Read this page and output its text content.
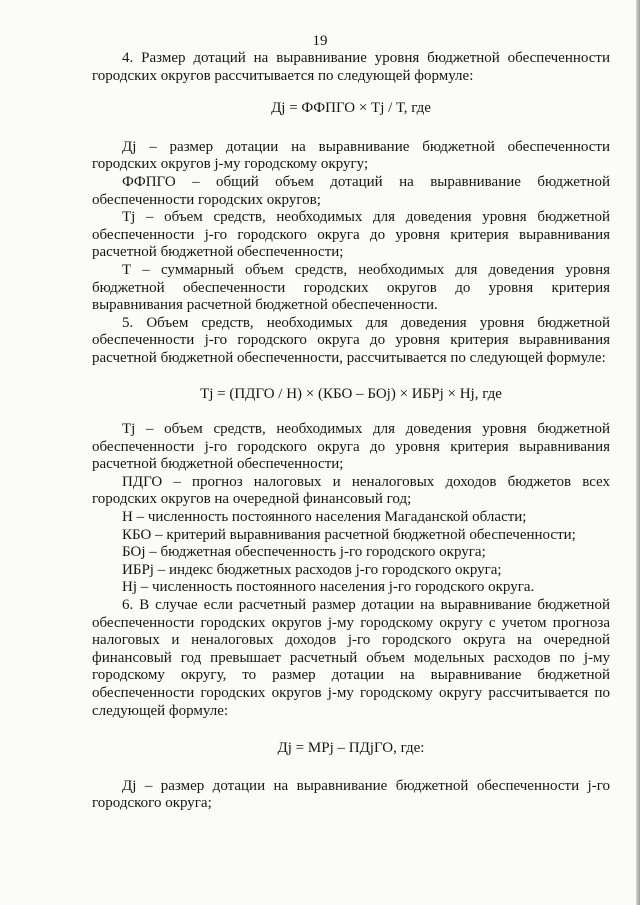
19

4. Размер дотаций на выравнивание уровня бюджетной обеспеченности городских округов рассчитывается по следующей формуле:

Дj = ФФПГО × Тj / Т, где

Дj – размер дотации на выравнивание бюджетной обеспеченности городских округов j-му городскому округу;

ФФПГО – общий объем дотаций на выравнивание бюджетной обеспеченности городских округов;

Тj – объем средств, необходимых для доведения уровня бюджетной обеспеченности j-го городского округа до уровня критерия выравнивания расчетной бюджетной обеспеченности;

Т – суммарный объем средств, необходимых для доведения уровня бюджетной обеспеченности городских округов до уровня критерия выравнивания расчетной бюджетной обеспеченности.

5. Объем средств, необходимых для доведения уровня бюджетной обеспеченности j-го городского округа до уровня критерия выравнивания расчетной бюджетной обеспеченности, рассчитывается по следующей формуле:

Тj = (ПДГО / Н) × (КБО – БОj) × ИБРj × Нj, где

Тj – объем средств, необходимых для доведения уровня бюджетной обеспеченности j-го городского округа до уровня критерия выравнивания расчетной бюджетной обеспеченности;

ПДГО – прогноз налоговых и неналоговых доходов бюджетов всех городских округов на очередной финансовый год;

Н – численность постоянного населения Магаданской области;

КБО – критерий выравнивания расчетной бюджетной обеспеченности;

БОj – бюджетная обеспеченность j-го городского округа;

ИБРj – индекс бюджетных расходов j-го городского округа;

Нj – численность постоянного населения j-го городского округа.

6. В случае если расчетный размер дотации на выравнивание бюджетной обеспеченности городских округов j-му городскому округу с учетом прогноза налоговых и неналоговых доходов j-го городского округа на очередной финансовый год превышает расчетный объем модельных расходов по j-му городскому округу, то размер дотации на выравнивание бюджетной обеспеченности городских округов j-му городскому округу рассчитывается по следующей формуле:

Дj = МРj – ПДjГО, где:

Дj – размер дотации на выравнивание бюджетной обеспеченности j-го городского округа;
